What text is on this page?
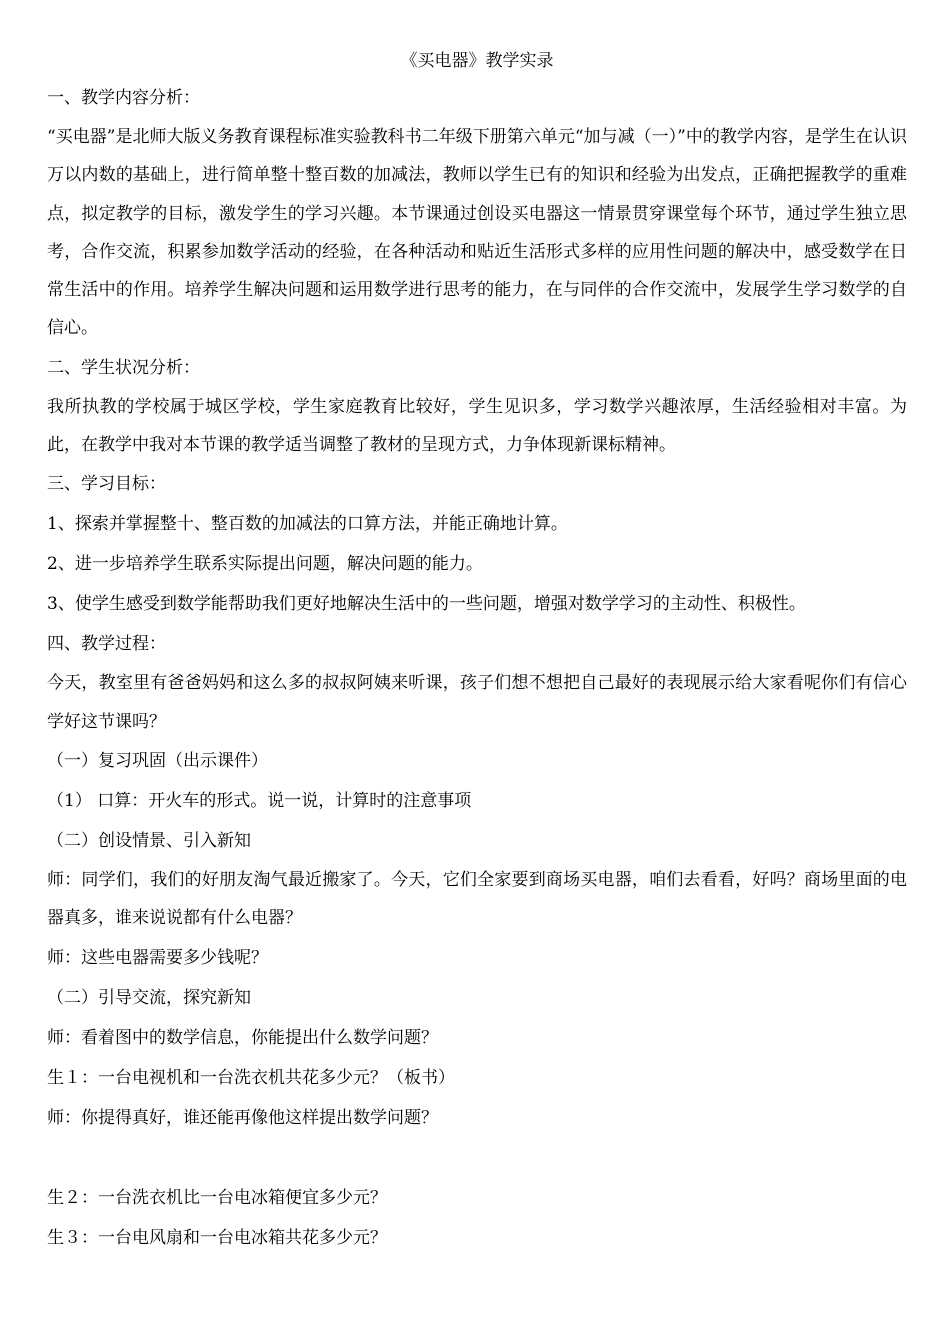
《买电器》教学实录

一、教学内容分析：

“买电器”是北师大版义务教育课程标准实验教科书二年级下册第六单元“加与减（一）”中的教学内容，是学生在认识万以内数的基础上，进行简单整十整百数的加减法，教师以学生已有的知识和经验为出发点，正确把握教学的重难点，拟定教学的目标，激发学生的学习兴趣。本节课通过创设买电器这一情景贯穿课堂每个环节，通过学生独立思考，合作交流，积累参加数学活动的经验，在各种活动和贴近生活形式多样的应用性问题的解决中，感受数学在日常生活中的作用。培养学生解决问题和运用数学进行思考的能力，在与同伴的合作交流中，发展学生学习数学的自信心。

二、学生状况分析：

我所执教的学校属于城区学校，学生家庭教育比较好，学生见识多，学习数学兴趣浓厚，生活经验相对丰富。为此，在教学中我对本节课的教学适当调整了教材的呈现方式，力争体现新课标精神。

三、学习目标：

1、探索并掌握整十、整百数的加减法的口算方法，并能正确地计算。

2、进一步培养学生联系实际提出问题，解决问题的能力。

3、使学生感受到数学能帮助我们更好地解决生活中的一些问题，增强对数学学习的主动性、积极性。

四、教学过程：

今天，教室里有爸爸妈妈和这么多的叔叔阿姨来听课，孩子们想不想把自己最好的表现展示给大家看呢你们有信心学好这节课吗？

（一）复习巩固（出示课件）

（1） 口算：开火车的形式。说一说，计算时的注意事项

（二）创设情景、引入新知

师：同学们，我们的好朋友淘气最近搬家了。今天，它们全家要到商场买电器，咱们去看看，好吗？商场里面的电器真多，谁来说说都有什么电器？

师：这些电器需要多少钱呢？

（二）引导交流，探究新知

师：看着图中的数学信息，你能提出什么数学问题？

生１：一台电视机和一台洗衣机共花多少元？（板书）

师：你提得真好，谁还能再像他这样提出数学问题？

生２：一台洗衣机比一台电冰箱便宜多少元？

生３：一台电风扇和一台电冰箱共花多少元？
